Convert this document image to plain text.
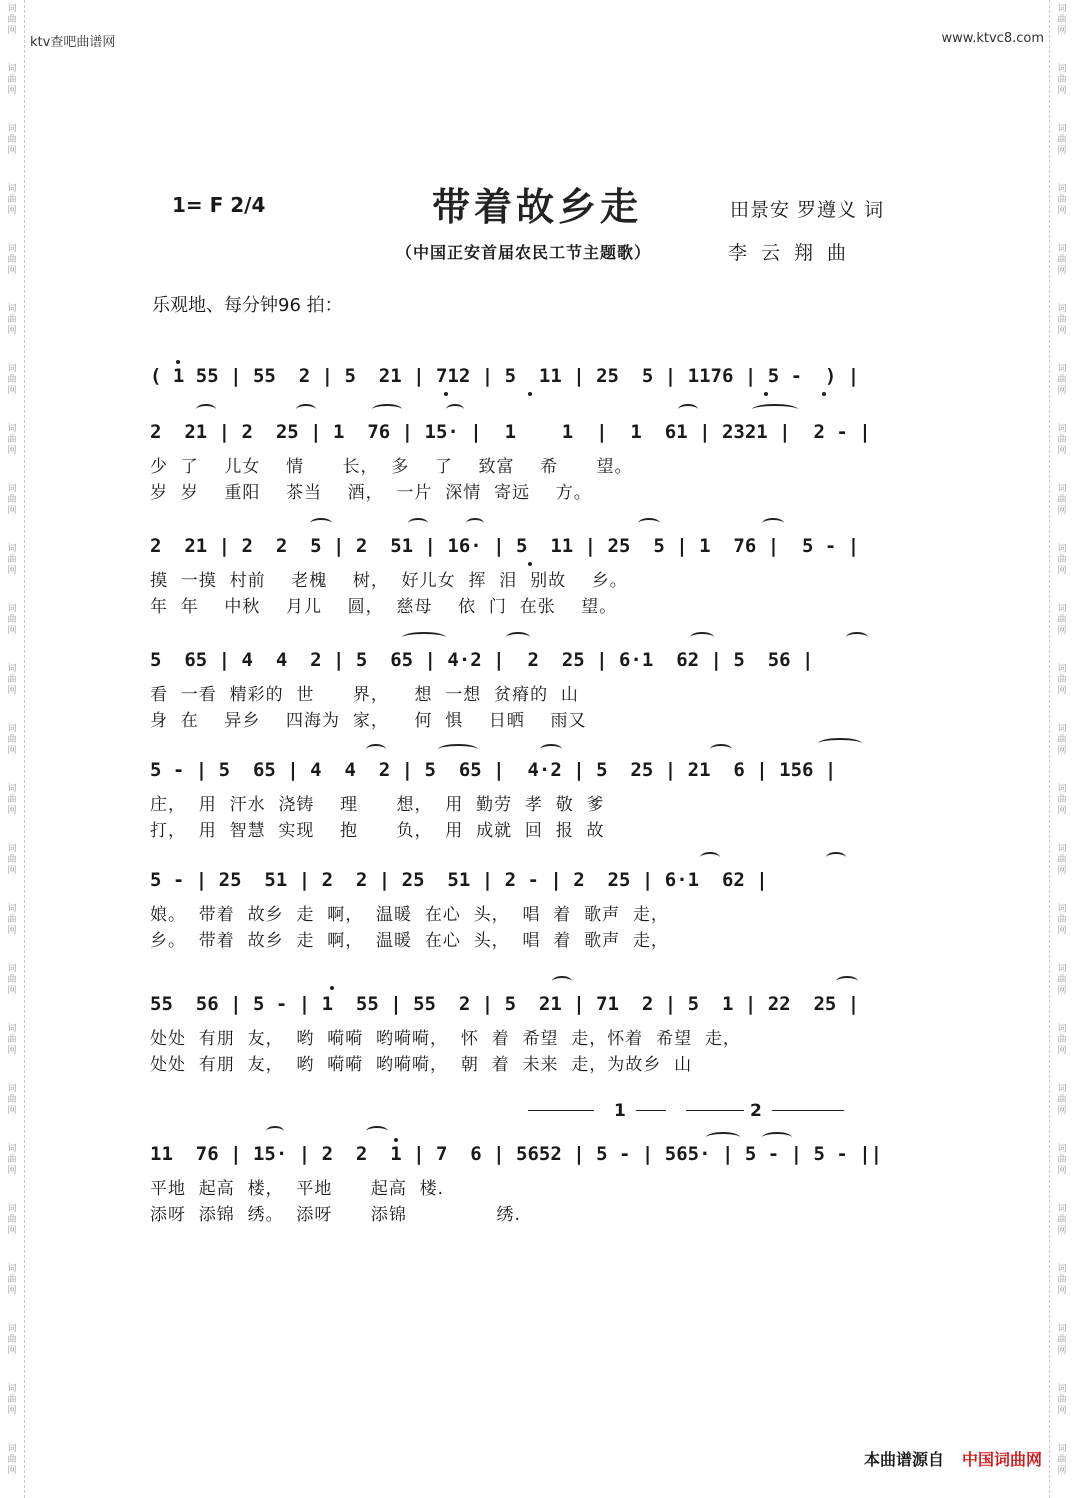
词
曲
网
词
曲
网
词
曲
网
词
曲
网
词
曲
网
词
曲
网
词
曲
网
词
曲
网
词
曲
网
词
曲
网
词
曲
网
词
曲
网
词
曲
网
词
曲
网
词
曲
网
词
曲
网
词
曲
网
词
曲
网
词
曲
网
词
曲
网
词
曲
网
词
曲
网
词
曲
网
词
曲
网
词
曲
网
词
曲
网
词
曲
网
词
曲
网
词
曲
网
词
曲
网
词
曲
网
词
曲
网
词
曲
网
词
曲
网
词
曲
网
词
曲
网
词
曲
网
词
曲
网
词
曲
网
词
曲
网
词
曲
网
词
曲
网
词
曲
网
词
曲
网
词
曲
网
词
曲
网
词
曲
网
词
曲
网
词
曲
网
词
曲
网
ktv查吧曲谱网	www.ktvc8.com
1= F 2/4	带着故乡走	田景安 罗遵义 词
（中国正安首届农民工节主题歌）	李云翔曲
乐观地、每分钟96 拍：
( 1 55 | 55  2 | 5  21 | 712 | 5  11 | 25  5 | 1176 | 5 -  ) |
2  21 | 2  25 | 1  76 | 15· |  1    1  |  1  61 | 2321 |  2 - |
少  了    儿女    情      长，  多    了    致富    希      望。
岁  岁    重阳    茶当    酒，  一片  深情  寄远    方。
2  21 | 2  2  5 | 2  51 | 16· | 5  11 | 25  5 | 1  76 |  5 - |
摸  一摸  村前    老槐    树，  好儿女  挥  泪  别故    乡。
年  年    中秋    月儿    圆，  慈母    依  门  在张    望。
5  65 | 4  4  2 | 5  65 | 4·2 |  2  25 | 6·1  62 | 5  56 |
看  一看  精彩的  世      界，    想  一想  贫瘠的  山
身  在    异乡    四海为  家，    何  惧    日晒    雨又
5 - | 5  65 | 4  4  2 | 5  65 |  4·2 | 5  25 | 21  6 | 156 |
庄，  用  汗水  浇铸    理      想，  用  勤劳  孝  敬  爹
打，  用  智慧  实现    抱      负，  用  成就  回  报  故
5 - | 25  51 | 2  2 | 25  51 | 2 - | 2  25 | 6·1  62 |
娘。  带着  故乡  走  啊，  温暖  在心  头，  唱  着  歌声  走，
乡。  带着  故乡  走  啊，  温暖  在心  头，  唱  着  歌声  走，
55  56 | 5 - | 1  55 | 55  2 | 5  21 | 71  2 | 5  1 | 22  25 |
处处  有朋  友，  哟  嗬嗬  哟嗬嗬，  怀  着  希望  走，怀着  希望  走，
处处  有朋  友，  哟  嗬嗬  哟嗬嗬，  朝  着  未来  走，为故乡  山
1	2
11  76 | 15· | 2  2  1 | 7  6 | 5652 | 5 - | 565· | 5 - | 5 - ||
平地  起高  楼，  平地      起高  楼.
添呀  添锦  绣。  添呀      添锦              绣.
本曲谱源自 中国词曲网
